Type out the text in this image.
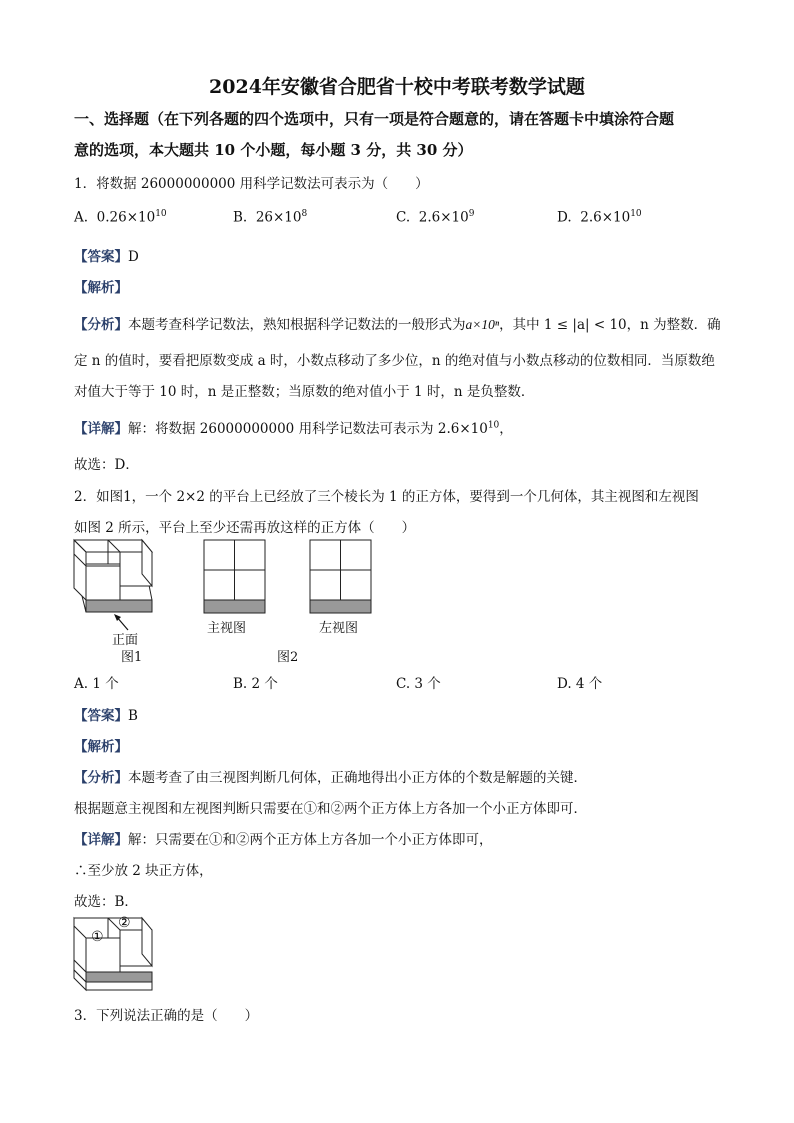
2024年安徽省合肥省十校中考联考数学试题
一、选择题（在下列各题的四个选项中，只有一项是符合题意的，请在答题卡中填涂符合题
意的选项，本大题共 10 个小题，每小题 3 分，共 30 分）
1．将数据 26000000000 用科学记数法可表示为（　　）
A. $0.26\times 10^{10}$	B. $26\times 10^8$	C. $2.6\times 10^9$	D. $2.6\times 10^{10}$
【答案】D
【解析】
【分析】本题考查科学记数法，熟知根据科学记数法的一般形式为a×10ⁿ，其中 1 ≤ |a| < 10，n 为整数．确
定 n 的值时，要看把原数变成 a 时，小数点移动了多少位，n 的绝对值与小数点移动的位数相同．当原数绝
对值大于等于 10 时，n 是正整数；当原数的绝对值小于 1 时，n 是负整数．
【详解】解：将数据 26000000000 用科学记数法可表示为 $2.6\times 10^{10}$，
故选：D．
2．如图1，一个 2×2 的平台上已经放了三个棱长为 1 的正方体，要得到一个几何体，其主视图和左视图
如图 2 所示，平台上至少还需再放这样的正方体（　　）
正面
图1
主视图	左视图
图2
A. 1 个	B. 2 个	C. 3 个	D. 4 个
【答案】B
【解析】
【分析】本题考查了由三视图判断几何体，正确地得出小正方体的个数是解题的关键．
根据题意主视图和左视图判断只需要在①和②两个正方体上方各加一个小正方体即可．
【详解】解：只需要在①和②两个正方体上方各加一个小正方体即可，
∴至少放 2 块正方体，
故选：B．
①
②
3．下列说法正确的是（　　）
